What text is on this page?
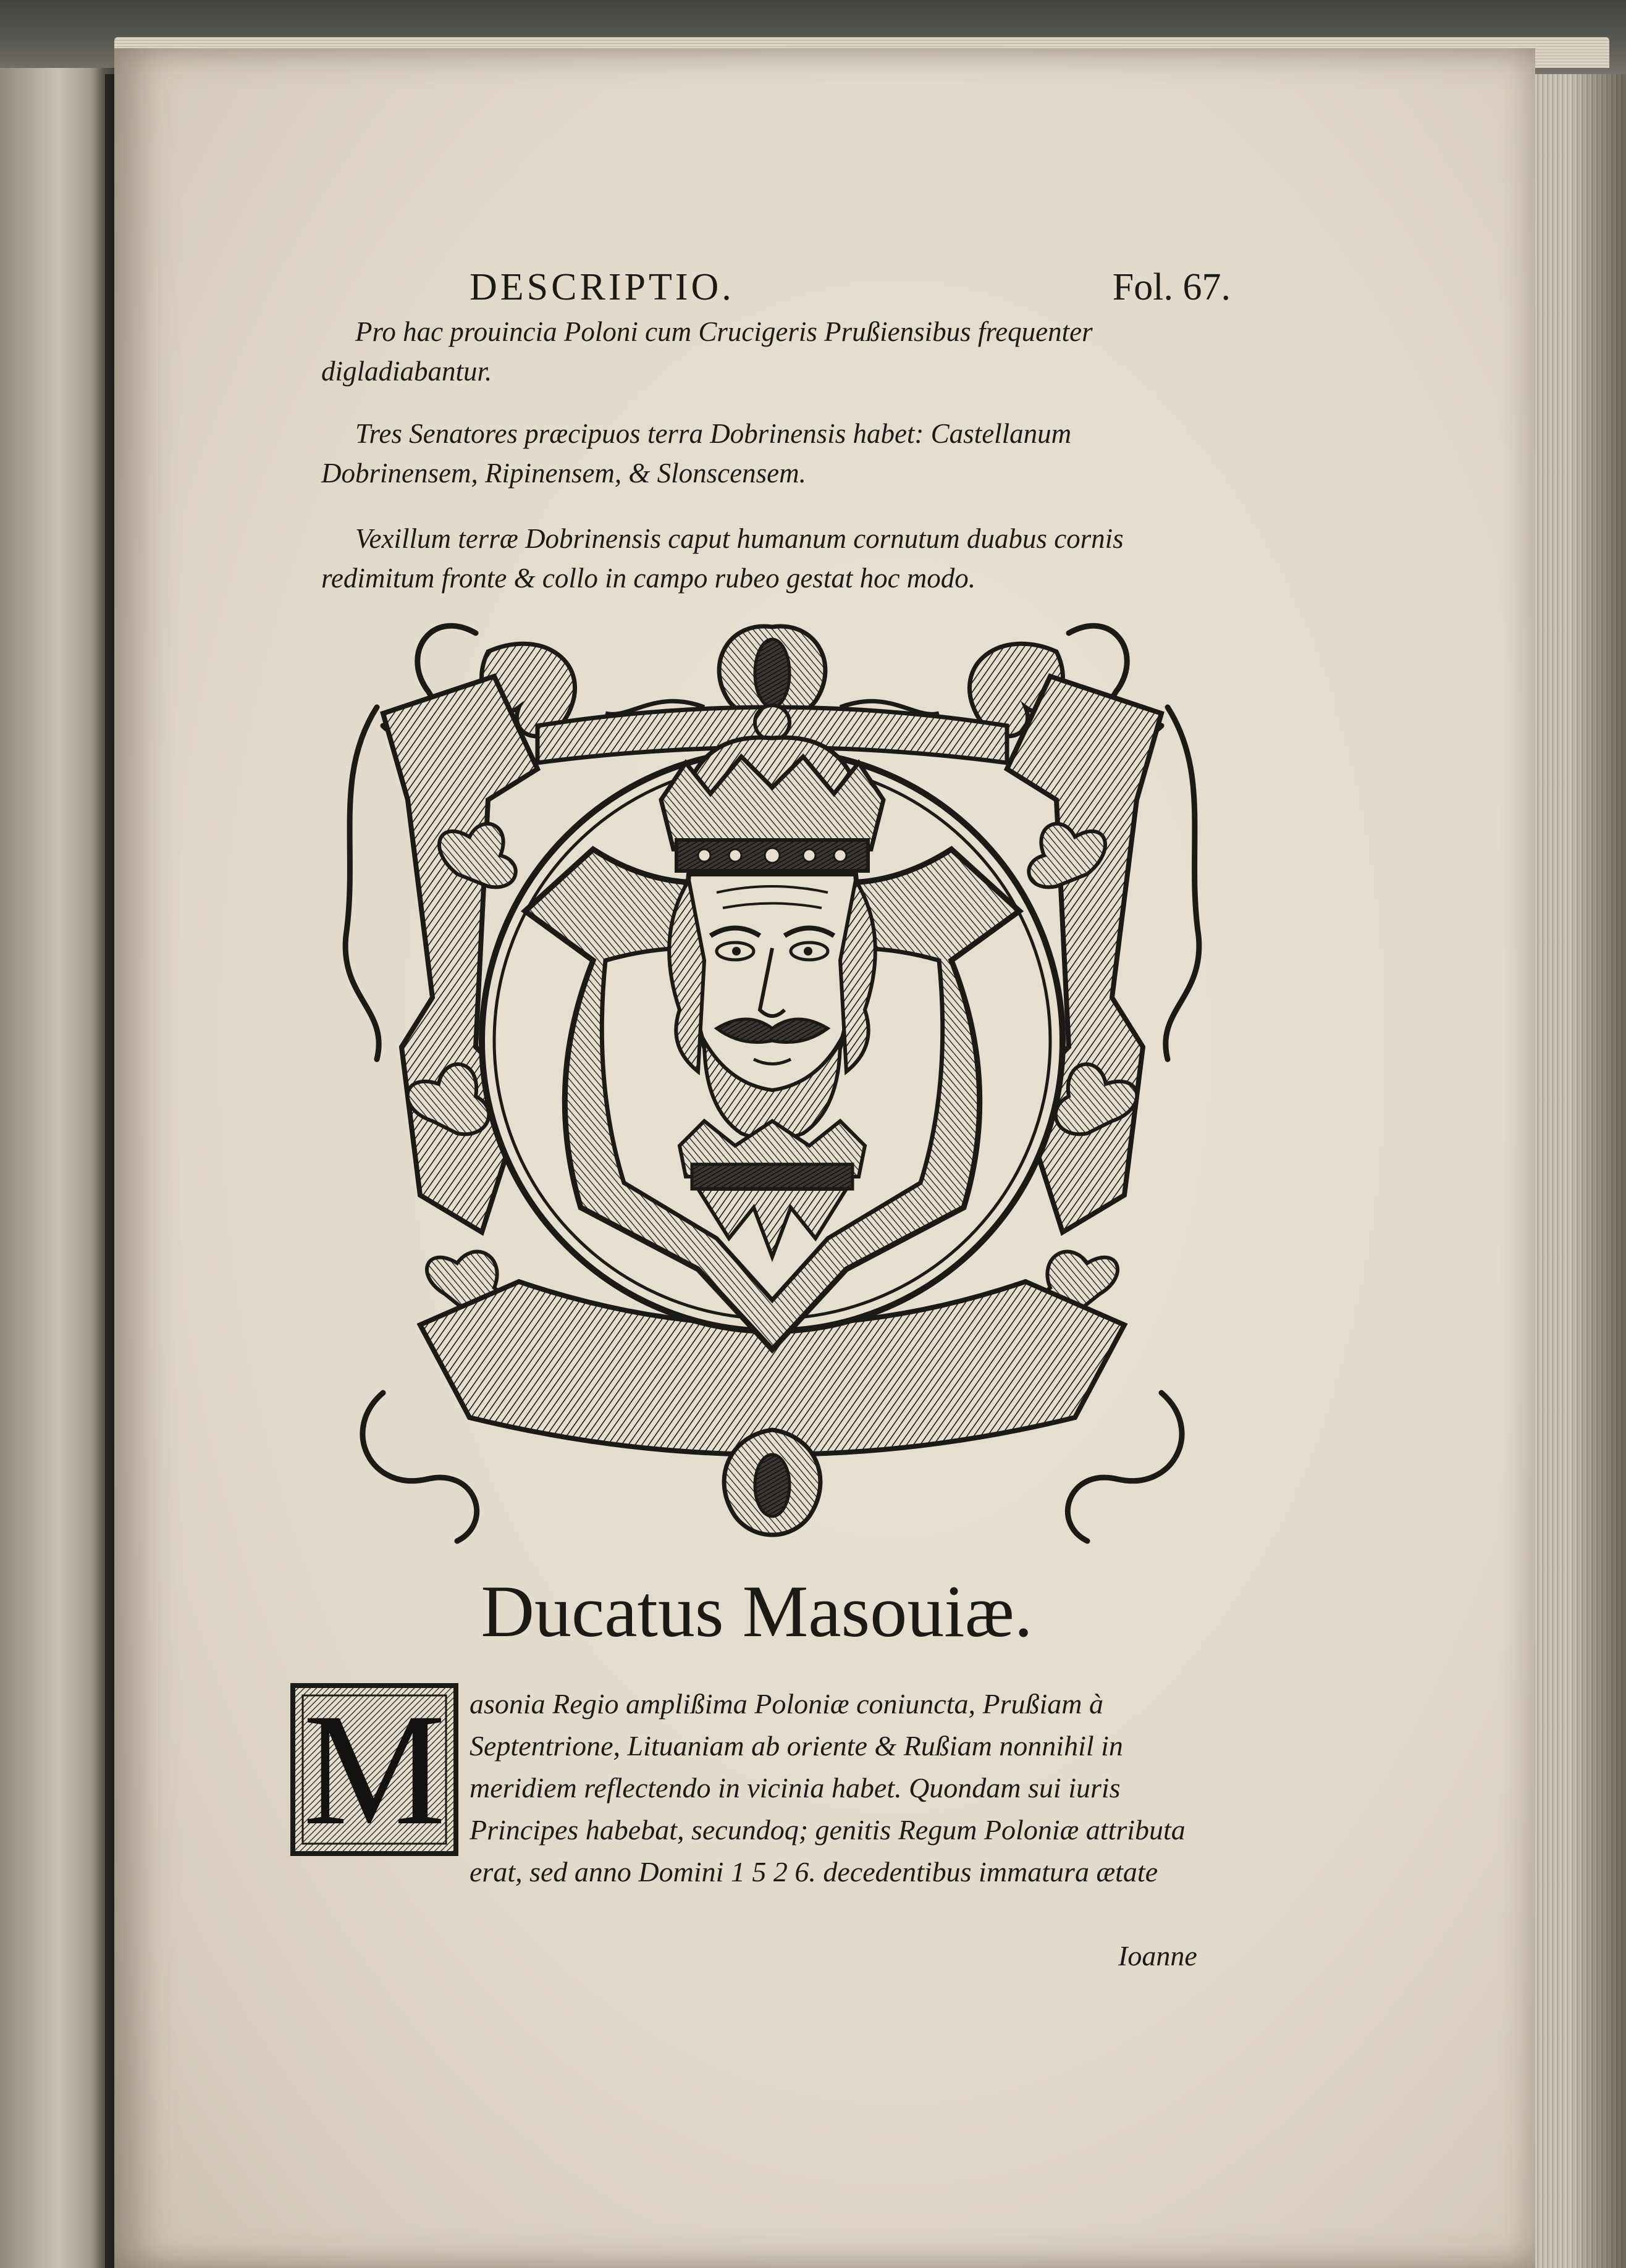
DESCRIPTIO.	Fol. 67.
Pro hac prouincia Poloni cum Crucigeris Prußiensibus frequenter digladiabantur.
Tres Senatores præcipuos terra Dobrinensis habet: Castellanum Dobrinensem, Ripinensem, & Slonscensem.
Vexillum terræ Dobrinensis caput humanum cornutum duabus cornis redimitum fronte & collo in campo rubeo gestat hoc modo.
Ducatus Masouiæ.
M asonia Regio amplißima Poloniæ coniuncta, Prußiam à Septentrione, Lituaniam ab oriente & Rußiam nonnihil in meridiem reflectendo in vicinia habet. Quondam sui iuris Principes habebat, secundoq; genitis Regum Poloniæ attributa erat, sed anno Domini 1 5 2 6. decedentibus immatura ætate
Ioanne
